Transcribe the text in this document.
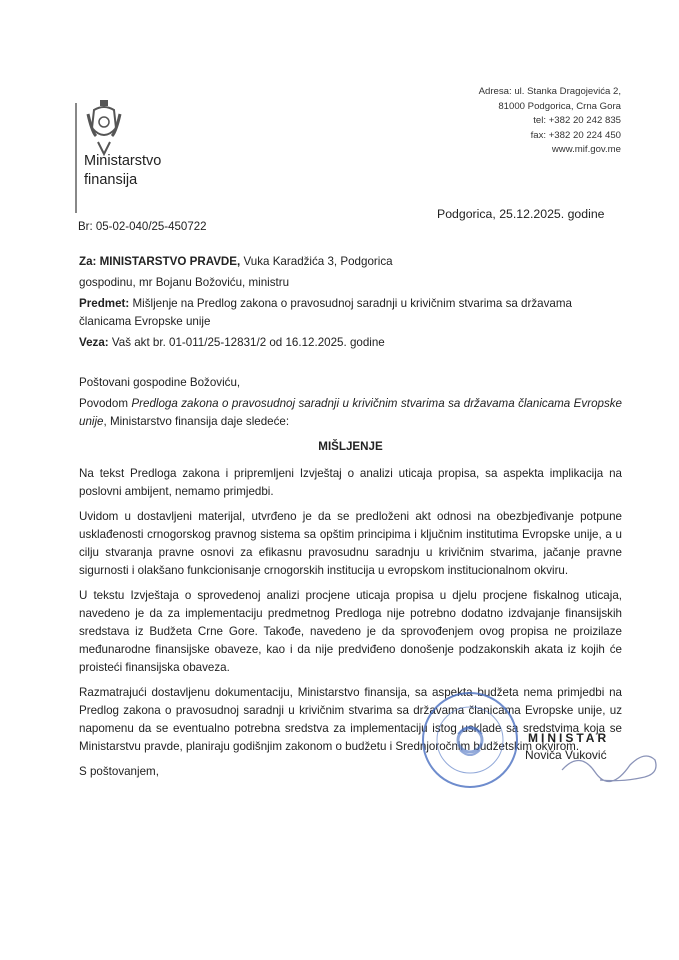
Ministarstvo
finansija
Adresa: ul. Stanka Dragojevića 2,
81000 Podgorica, Crna Gora
tel: +382 20 242 835
fax: +382 20 224 450
www.mif.gov.me
Podgorica, 25.12.2025. godine
Br: 05-02-040/25-450722

Za: MINISTARSTVO PRAVDE, Vuka Karadžića 3, Podgorica

gospodinu, mr Bojanu Božoviću, ministru

Predmet: Mišljenje na Predlog zakona o pravosudnoj saradnji u krivičnim stvarima sa državama članicama Evropske unije

Veza: Vaš akt br. 01-011/25-12831/2 od 16.12.2025. godine

Poštovani gospodine Božoviću,

Povodom Predloga zakona o pravosudnoj saradnji u krivičnim stvarima sa državama članicama Evropske unije, Ministarstvo finansija daje sledeće:

MIŠLJENJE

Na tekst Predloga zakona i pripremljeni Izvještaj o analizi uticaja propisa, sa aspekta implikacija na poslovni ambijent, nemamo primjedbi.

Uvidom u dostavljeni materijal, utvrđeno je da se predloženi akt odnosi na obezbjeđivanje potpune usklađenosti crnogorskog pravnog sistema sa opštim principima i ključnim institutima Evropske unije, a u cilju stvaranja pravne osnovi za efikasnu pravosudnu saradnju u krivičnim stvarima, jačanje pravne sigurnosti i olakšano funkcionisanje crnogorskih institucija u evropskom institucionalnom okviru.

U tekstu Izvještaja o sprovedenoj analizi procjene uticaja propisa u djelu procjene fiskalnog uticaja, navedeno je da za implementaciju predmetnog Predloga nije potrebno dodatno izdvajanje finansijskih sredstava iz Budžeta Crne Gore. Takođe, navedeno je da sprovođenjem ovog propisa ne proizilaze međunarodne finansijske obaveze, kao i da nije predviđeno donošenje podzakonskih akata iz kojih će proisteći finansijska obaveza.

Razmatrajući dostavljenu dokumentaciju, Ministarstvo finansija, sa aspekta budžeta nema primjedbi na Predlog zakona o pravosudnoj saradnji u krivičnim stvarima sa državama članicama Evropske unije, uz napomenu da se eventualno potrebna sredstva za implementaciju istog usklade sa sredstvima koja se Ministarstvu pravde, planiraju godišnjim zakonom o budžetu i Srednjoročnim budžetskim okvirom.

S poštovanjem,

MINISTAR
Noviča Vuković
